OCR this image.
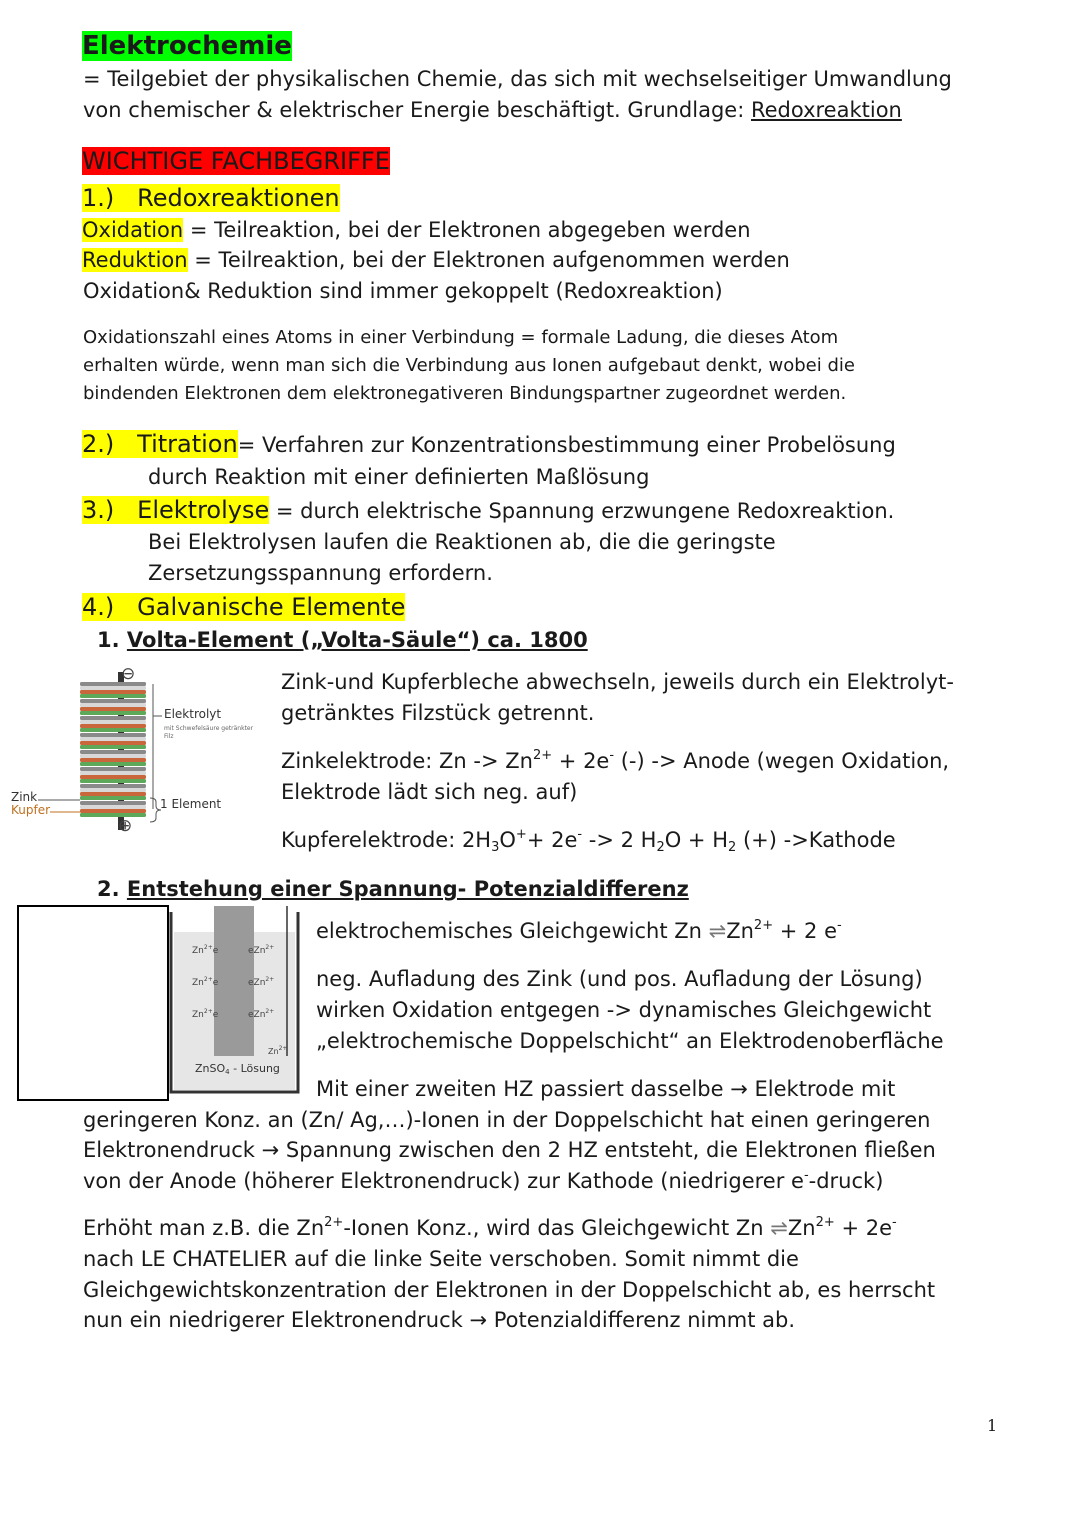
Elektrochemie
= Teilgebiet der physikalischen Chemie, das sich mit wechselseitiger Umwandlung
von chemischer & elektrischer Energie beschäftigt. Grundlage: Redoxreaktion
WICHTIGE FACHBEGRIFFE
1.) Redoxreaktionen
Oxidation = Teilreaktion, bei der Elektronen abgegeben werden
Reduktion = Teilreaktion, bei der Elektronen aufgenommen werden
Oxidation& Reduktion sind immer gekoppelt (Redoxreaktion)
Oxidationszahl eines Atoms in einer Verbindung = formale Ladung, die dieses Atom
erhalten würde, wenn man sich die Verbindung aus Ionen aufgebaut denkt, wobei die
bindenden Elektronen dem elektronegativeren Bindungspartner zugeordnet werden.
2.) Titration= Verfahren zur Konzentrationsbestimmung einer Probelösung
durch Reaktion mit einer definierten Maßlösung
3.) Elektrolyse = durch elektrische Spannung erzwungene Redoxreaktion.
Bei Elektrolysen laufen die Reaktionen ab, die die geringste
Zersetzungsspannung erfordern.
4.) Galvanische Elemente
1. Volta-Element („Volta-Säule“) ca. 1800
⊖
⊕
Elektrolyt
mit Schwefelsäure getränkter
Filz
Zink
Kupfer	1 Element
Zink-und Kupferbleche abwechseln, jeweils durch ein Elektrolyt-
getränktes Filzstück getrennt.
Zinkelektrode: $Zn -> Zn^{2+} + 2e^-$ (-) -> Anode (wegen Oxidation,
Elektrode lädt sich neg. auf)
Kupferelektrode: $2H_3O^++ 2e^- -> 2$ $H_2O + H_2$ (+) ->Kathode
2. Entstehung einer Spannung- Potenzialdifferenz
$Zn^{2+}e$
$Zn^{2+}e$
$Zn^{2+}e$
eZn$^{2+}$
eZn$^{2+}$
eZn$^{2+}$
$Zn^{2+}$
ZnSO$_4$ - Lösung
elektrochemisches Gleichgewicht Zn $\rightleftharpoons Zn^{2+} + 2$ e-
neg. Aufladung des Zink (und pos. Aufladung der Lösung)
wirken Oxidation entgegen -> dynamisches Gleichgewicht
„elektrochemische Doppelschicht“ an Elektrodenoberfläche
Mit einer zweiten HZ passiert dasselbe → Elektrode mit
geringeren Konz. an (Zn/ Ag,…)-Ionen in der Doppelschicht hat einen geringeren
Elektronendruck → Spannung zwischen den 2 HZ entsteht, die Elektronen fließen
von der Anode (höherer Elektronendruck) zur Kathode (niedrigerer e--druck)
Erhöht man z.B. die $Zn^{2+}$-Ionen Konz., wird das Gleichgewicht Zn $\rightleftharpoons Zn^{2+} + 2e^-$
nach LE CHATELIER auf die linke Seite verschoben. Somit nimmt die
Gleichgewichtskonzentration der Elektronen in der Doppelschicht ab, es herrscht
nun ein niedrigerer Elektronendruck → Potenzialdifferenz nimmt ab.
1
